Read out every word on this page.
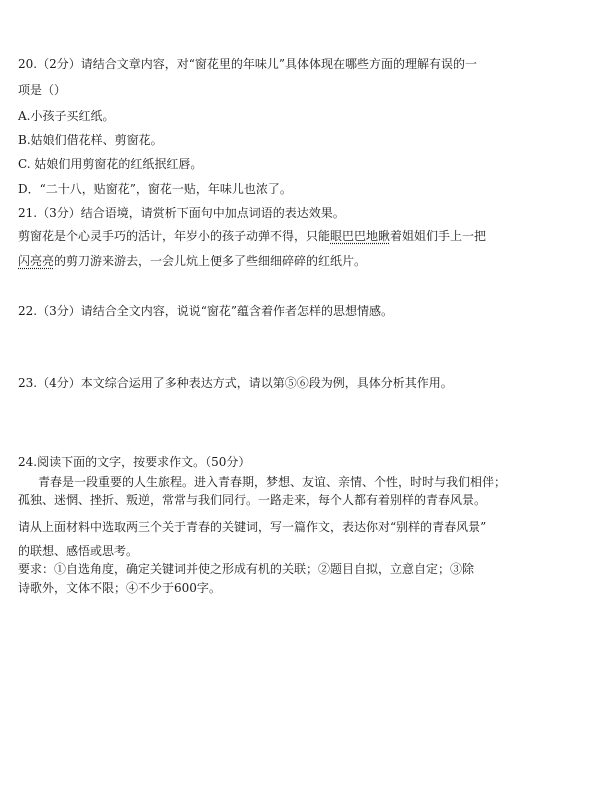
20.（2分）请结合文章内容，对“窗花里的年味儿”具体体现在哪些方面的理解有误的一
项是（）
A.小孩子买红纸。
B.姑娘们借花样、剪窗花。
C. 姑娘们用剪窗花的红纸抿红唇。
D．“二十八，贴窗花”，窗花一贴，年味儿也浓了。
21.（3分）结合语境，请赏析下面句中加点词语的表达效果。
剪窗花是个心灵手巧的活计，年岁小的孩子动弹不得，只能眼巴巴地瞅着姐姐们手上一把
闪亮亮的剪刀游来游去，一会儿炕上便多了些细细碎碎的红纸片。
22.（3分）请结合全文内容，说说“窗花”蕴含着作者怎样的思想情感。
23.（4分）本文综合运用了多种表达方式，请以第⑤⑥段为例，具体分析其作用。
24.阅读下面的文字，按要求作文。（50分）
青春是一段重要的人生旅程。进入青春期，梦想、友谊、亲情、个性，时时与我们相伴；
孤独、迷惘、挫折、叛逆，常常与我们同行。一路走来，每个人都有着别样的青春风景。
请从上面材料中选取两三个关于青春的关键词，写一篇作文，表达你对“别样的青春风景”
的联想、感悟或思考。
要求：①自选角度，确定关键词并使之形成有机的关联；②题目自拟，立意自定；③除
诗歌外，文体不限；④不少于600字。
